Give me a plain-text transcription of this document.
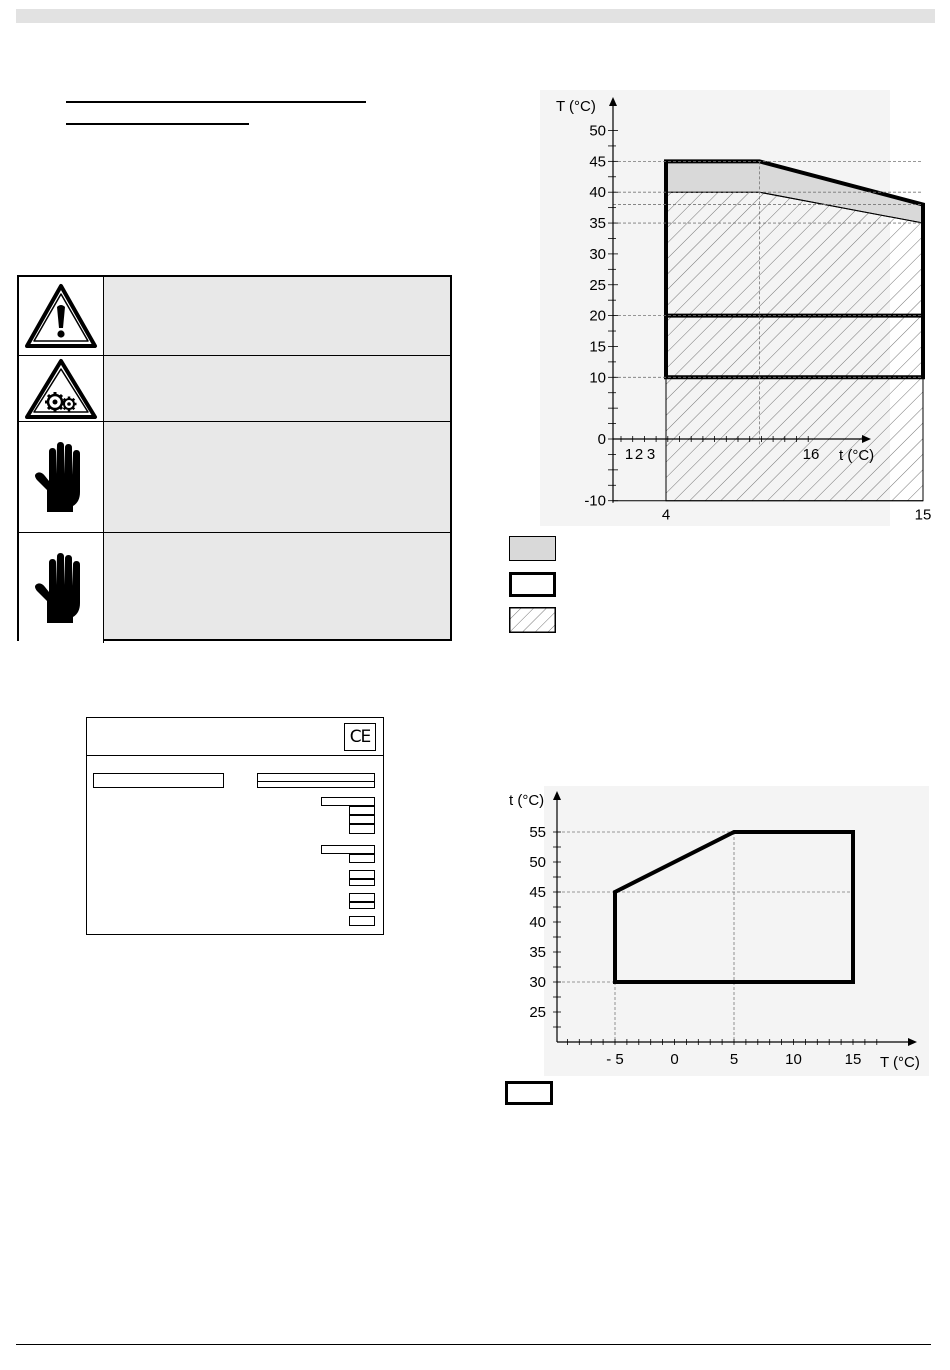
CE
-10
0
10
15
20
25
30
35
40
45
50
1 2 3	16
4	15
T (°C)
t (°C)
25
30
35
40
45
50
55
- 5	0	5	10	15
t (°C)
T (°C)
